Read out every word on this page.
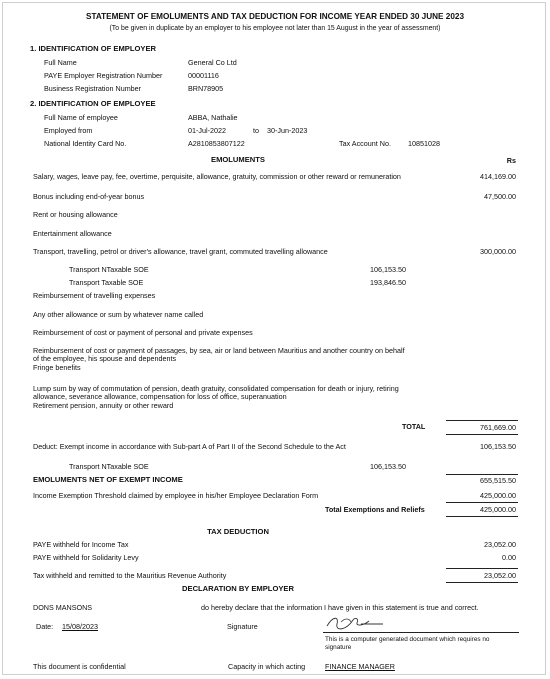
STATEMENT OF EMOLUMENTS AND TAX DEDUCTION FOR INCOME YEAR ENDED 30 JUNE 2023
(To be given in duplicate by an employer to his employee not later than 15 August in the year of assessment)
1. IDENTIFICATION OF EMPLOYER
Full Name	General Co Ltd
PAYE Employer Registration Number	00001116
Business Registration Number	BRN78905
2. IDENTIFICATION OF EMPLOYEE
Full Name of employee	ABBA, Nathalie
Employed from	01-Jul-2022	to 30-Jun-2023
National Identity Card No.	A2810853807122	Tax Account No. 10851028
EMOLUMENTS	Rs
Salary, wages, leave pay, fee, overtime, perquisite, allowance, gratuity, commission or other reward or remuneration	414,169.00
Bonus including end-of-year bonus	47,500.00
Rent or housing allowance
Entertainment allowance
Transport, travelling, petrol or driver's allowance, travel grant, commuted travelling allowance	300,000.00
Transport NTaxable SOE	106,153.50
Transport Taxable SOE	193,846.50
Reimbursement of travelling expenses
Any other allowance or sum by whatever name called
Reimbursement of cost or payment of personal and private expenses
Reimbursement of cost or payment of passages, by sea, air or land between Mauritius and another country on behalf
of the employee, his spouse and dependents
Fringe benefits
Lump sum by way of commutation of pension, death gratuity, consolidated compensation for death or injury, retiring
allowance, severance allowance, compensation for loss of office, superanuation
Retirement pension, annuity or other reward
TOTAL	761,669.00
Deduct: Exempt income in accordance with Sub-part A of Part II of the Second Schedule to the Act	106,153.50
Transport NTaxable SOE	106,153.50
EMOLUMENTS NET OF EXEMPT INCOME	655,515.50
Income Exemption Threshold claimed by employee in his/her Employee Declaration Form	425,000.00
Total Exemptions and Reliefs	425,000.00
TAX DEDUCTION
PAYE withheld for Income Tax	23,052.00
PAYE withheld for Solidarity Levy	0.00
Tax withheld and remitted to the Mauritius Revenue Authority	23,052.00
DECLARATION BY EMPLOYER
DONS MANSONS	do hereby declare that the information I have given in this statement is true and correct.
Date: 15/08/2023	Signature
This is a computer generated document which requires no
signature
This document is confidential	Capacity in which acting	FINANCE MANAGER
